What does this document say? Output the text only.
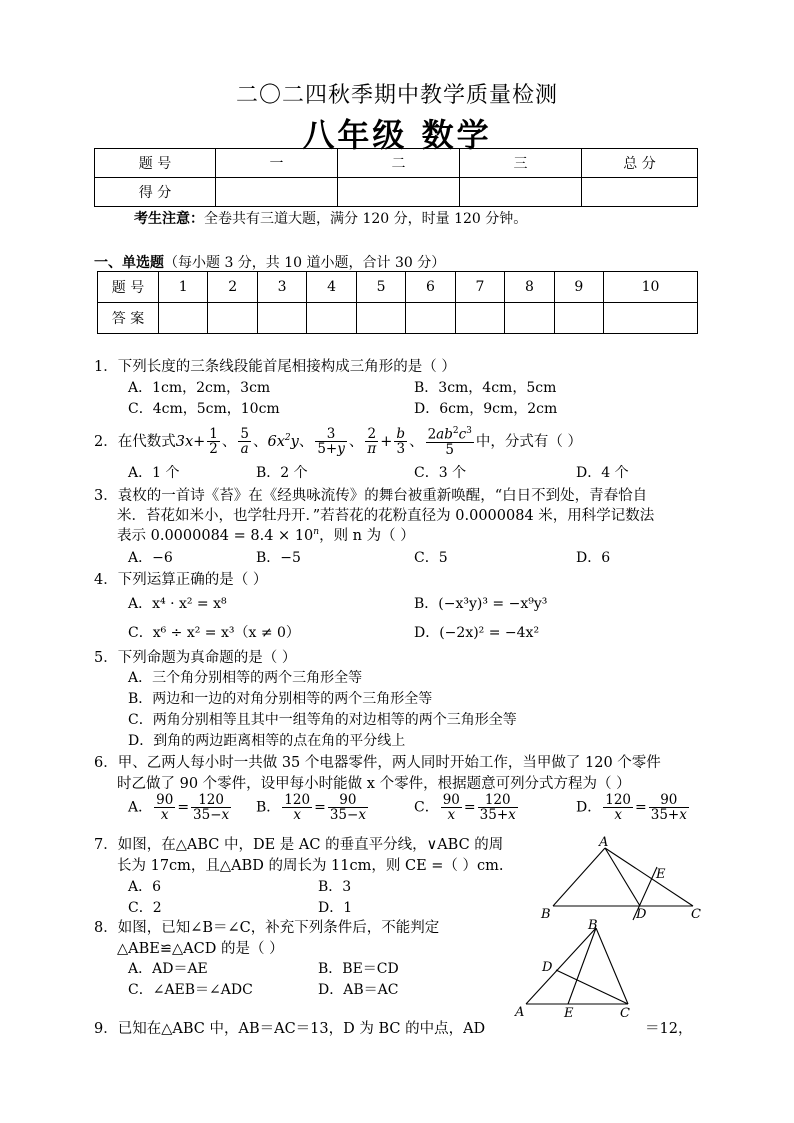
二〇二四秋季期中教学质量检测
八年级 数学
题 号	一	二	三	总 分
得 分				
考生注意：全卷共有三道大题，满分 120 分，时量 120 分钟。
一、单选题（每小题 3 分，共 10 道小题，合计 30 分）
题 号	1	2	3	4	5	6	7	8	9	10
答 案										
1．下列长度的三条线段能首尾相接构成三角形的是（ ）
A．1cm，2cm，3cm	B．3cm，4cm，5cm
C．4cm，5cm，10cm	D．6cm，9cm，2cm
2．在代数式$3x+ \frac{1}{2}$ 、 $\frac{5}{a}$ 、$6x^2y$、 $\frac{3}{5+y}$ 、 $\frac{2}{\pi} + \frac{b}{3}$ 、 $\frac{2ab^2c^3}{5}$ 中，分式有（ ）
A．1 个	B．2 个	C．3 个	D．4 个
3．袁枚的一首诗《苔》在《经典咏流传》的舞台被重新唤醒，“白日不到处，青春恰自
米．苔花如米小，也学牡丹开．”若苔花的花粉直径为 0.0000084 米，用科学记数法
表示 $0.0000084 = 8.4 \times 10^n$，则 n 为（ ）
A．−6	B．−5	C．5	D．6
4．下列运算正确的是（ ）
A．x⁴ · x² = x⁸	B．(−x³y)³ = −x⁹y³
C．x⁶ ÷ x² = x³（x ≠ 0）	D．(−2x)² = −4x²
5．下列命题为真命题的是（ ）
A．三个角分别相等的两个三角形全等
B．两边和一边的对角分别相等的两个三角形全等
C．两角分别相等且其中一组等角的对边相等的两个三角形全等
D．到角的两边距离相等的点在角的平分线上
6．甲、乙两人每小时一共做 35 个电器零件，两人同时开始工作，当甲做了 120 个零件
时乙做了 90 个零件，设甲每小时能做 x 个零件，根据题意可列分式方程为（ ）
A． $\frac{90}{x} = \frac{120}{35-x}$ B． $\frac{120}{x} = \frac{90}{35-x}$	C． $\frac{90}{x} = \frac{120}{35+x}$	D． $\frac{120}{x} = \frac{90}{35+x}$
7．如图，在△ABC 中，DE 是 AC 的垂直平分线，∨ABC 的周
长为 17cm，且△ABD 的周长为 11cm，则 CE =（ ）cm.
A．6	B．3
C．2	D．1
A
B	C
D
E
8．如图，已知∠B＝∠C，补充下列条件后，不能判定
△ABE≌△ACD 的是（ ）
A．AD＝AE	B．BE＝CD
C．∠AEB＝∠ADC	D．AB＝AC
B
D
A	E	C
9．已知在△ABC 中，AB＝AC＝13，D 为 BC 的中点，AD	＝12，
